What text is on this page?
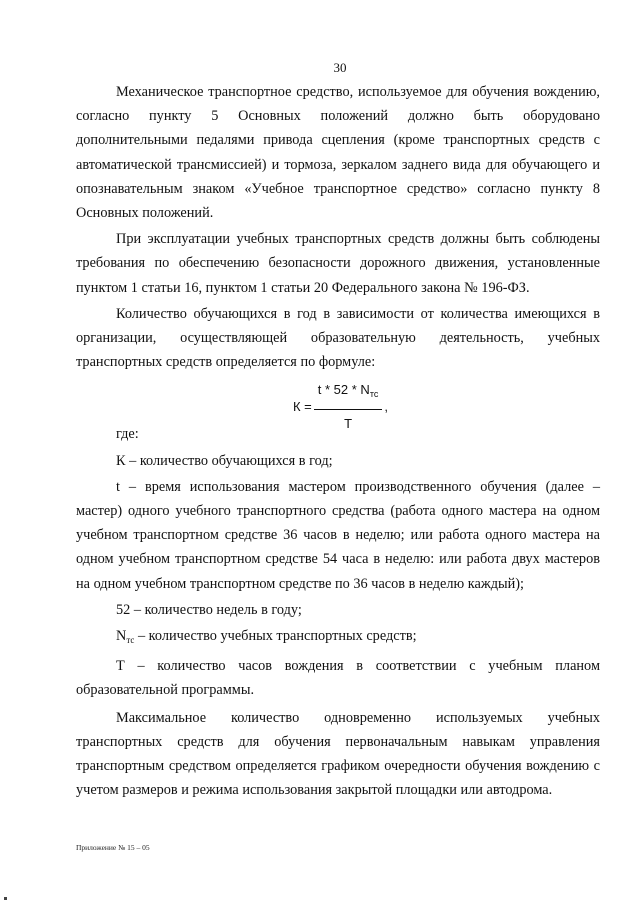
30

Механическое транспортное средство, используемое для обучения вождению, согласно пункту 5 Основных положений должно быть оборудовано дополнительными педалями привода сцепления (кроме транспортных средств с автоматической трансмиссией) и тормоза, зеркалом заднего вида для обучающего и опознавательным знаком «Учебное транспортное средство» согласно пункту 8 Основных положений.

При эксплуатации учебных транспортных средств должны быть соблюдены требования по обеспечению безопасности дорожного движения, установленные пунктом 1 статьи 16, пунктом 1 статьи 20 Федерального закона № 196-ФЗ.

Количество обучающихся в год в зависимости от количества имеющихся в организации, осуществляющей образовательную деятельность, учебных транспортных средств определяется по формуле:

$К = \frac{t * 52 * N_{тс}}{T}$ ,

где:

К – количество обучающихся в год;

t – время использования мастером производственного обучения (далее – мастер) одного учебного транспортного средства (работа одного мастера на одном учебном транспортном средстве 36 часов в неделю; или работа одного мастера на одном учебном транспортном средстве 54 часа в неделю: или работа двух мастеров на одном учебном транспортном средстве по 36 часов в неделю каждый);

52 – количество недель в году;

$N_{тс}$ – количество учебных транспортных средств;

Т – количество часов вождения в соответствии с учебным планом образовательной программы.

Максимальное количество одновременно используемых учебных транспортных средств для обучения первоначальным навыкам управления транспортным средством определяется графиком очередности обучения вождению с учетом размеров и режима использования закрытой площадки или автодрома.

Приложение № 15 – 05
